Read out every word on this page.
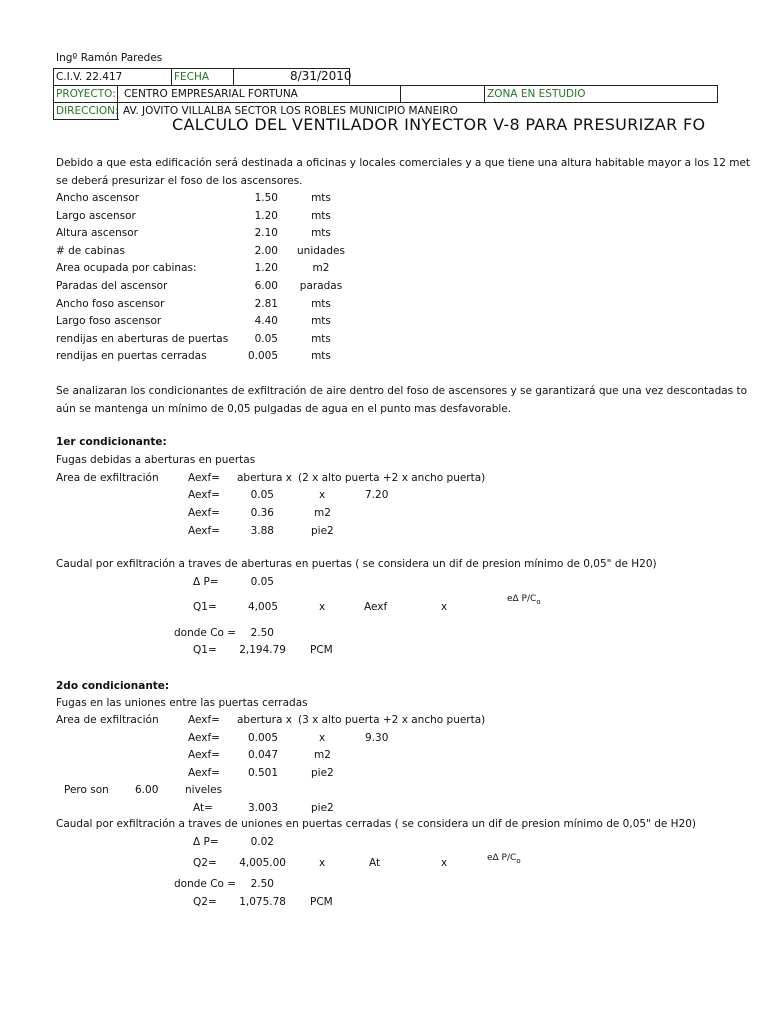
Ingº Ramón Paredes
C.I.V. 22.417	FECHA	8/31/2010
PROYECTO: CENTRO EMPRESARIAL FORTUNA	ZONA EN ESTUDIO
DIRECCION: AV. JOVITO VILLALBA SECTOR LOS ROBLES MUNICIPIO MANEIRO
CALCULO DEL VENTILADOR INYECTOR V-8 PARA PRESURIZAR FO
Debido a que esta edificación será destinada a oficinas y locales comerciales y a que tiene una altura habitable mayor a los 12 met
se deberá presurizar el foso de los ascensores.
Ancho ascensor	1.50	mts
Largo ascensor	1.20	mts
Altura ascensor	2.10	mts
# de cabinas	2.00	unidades
Area ocupada por cabinas:	1.20	m2
Paradas del ascensor	6.00	paradas
Ancho foso ascensor	2.81	mts
Largo foso ascensor	4.40	mts
rendijas en aberturas de puertas	0.05	mts
rendijas en puertas cerradas	0.005	mts
Se analizaran los condicionantes de exfiltración de aire dentro del foso de ascensores y se garantizará que una vez descontadas to
aún se mantenga un mínimo de 0,05 pulgadas de agua en el punto mas desfavorable.
1er condicionante:
Fugas debidas a aberturas en puertas
Area de exfiltración	Aexf= abertura x (2 x alto puerta +2 x ancho puerta)
Aexf=	0.05	x	7.20
Aexf=	0.36	m2
Aexf=	3.88	pie2
Caudal por exfiltración a traves de aberturas en puertas ( se considera un dif de presion mínimo de 0,05" de H20)
Δ P=	0.05
Q1=	4,005	x	Aexf	x
eΔ $P/C_o$
donde Co =	2.50
Q1=	2,194.79 PCM
2do condicionante:
Fugas en las uniones entre las puertas cerradas
Area de exfiltración	Aexf= abertura x (3 x alto puerta +2 x ancho puerta)
Aexf=	0.005	x	9.30
Aexf=	0.047	m2
Aexf=	0.501	pie2
Pero son 6.00	niveles
At=	3.003	pie2
Caudal por exfiltración a traves de uniones en puertas cerradas ( se considera un dif de presion mínimo de 0,05" de H20)
Δ P=	0.02
Q2=	4,005.00	x	At	x	eΔ $P/C_o$
donde Co =	2.50
Q2=	1,075.78 PCM
